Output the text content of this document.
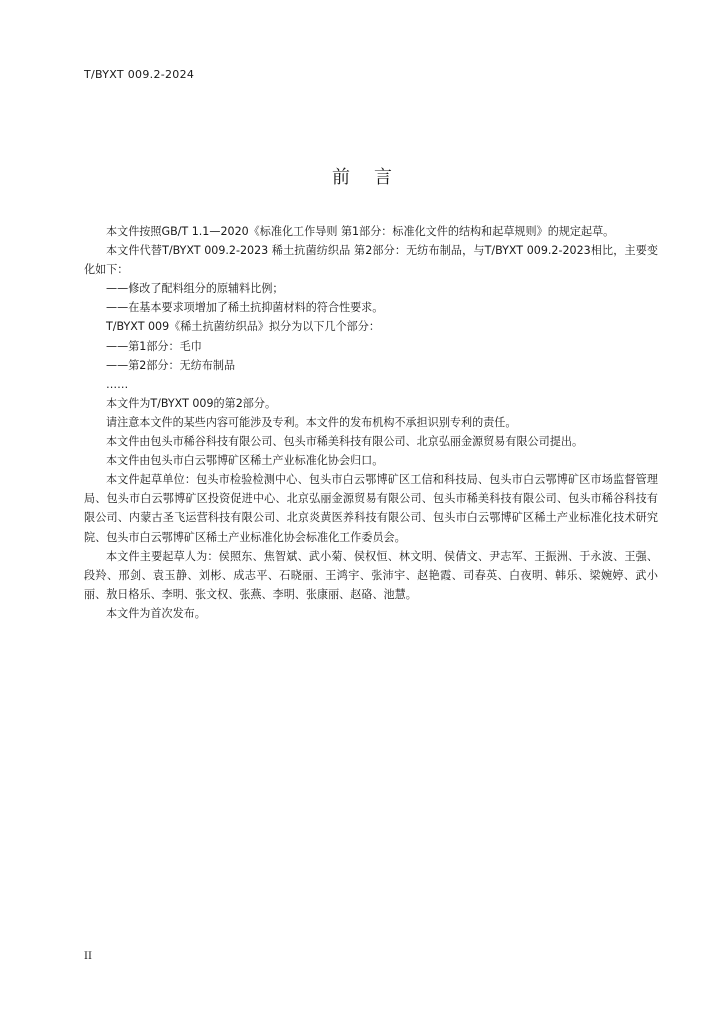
T/BYXT 009.2-2024
前言

本文件按照GB/T 1.1—2020《标准化工作导则 第1部分：标准化文件的结构和起草规则》的规定起草。

本文件代替T/BYXT 009.2-2023 稀土抗菌纺织品 第2部分：无纺布制品，与T/BYXT 009.2-2023相比，主要变化如下：

——修改了配料组分的原辅料比例；

——在基本要求项增加了稀土抗抑菌材料的符合性要求。

T/BYXT 009《稀土抗菌纺织品》拟分为以下几个部分：

——第1部分：毛巾

——第2部分：无纺布制品

……

本文件为T/BYXT 009的第2部分。

请注意本文件的某些内容可能涉及专利。本文件的发布机构不承担识别专利的责任。

本文件由包头市稀谷科技有限公司、包头市稀美科技有限公司、北京弘丽金源贸易有限公司提出。

本文件由包头市白云鄂博矿区稀土产业标准化协会归口。

本文件起草单位：包头市检验检测中心、包头市白云鄂博矿区工信和科技局、包头市白云鄂博矿区市场监督管理局、包头市白云鄂博矿区投资促进中心、北京弘丽金源贸易有限公司、包头市稀美科技有限公司、包头市稀谷科技有限公司、内蒙古圣飞运营科技有限公司、北京炎黄医养科技有限公司、包头市白云鄂博矿区稀土产业标准化技术研究院、包头市白云鄂博矿区稀土产业标准化协会标准化工作委员会。

本文件主要起草人为：侯照东、焦智斌、武小菊、侯权恒、林文明、侯倩文、尹志军、王振洲、于永波、王强、段羚、邢剑、袁玉静、刘彬、成志平、石晓丽、王鸿宇、张沛宇、赵艳霞、司春英、白夜明、韩乐、梁婉婷、武小丽、敖日格乐、李明、张文权、张燕、李明、张康丽、赵硌、池慧。

本文件为首次发布。

II
